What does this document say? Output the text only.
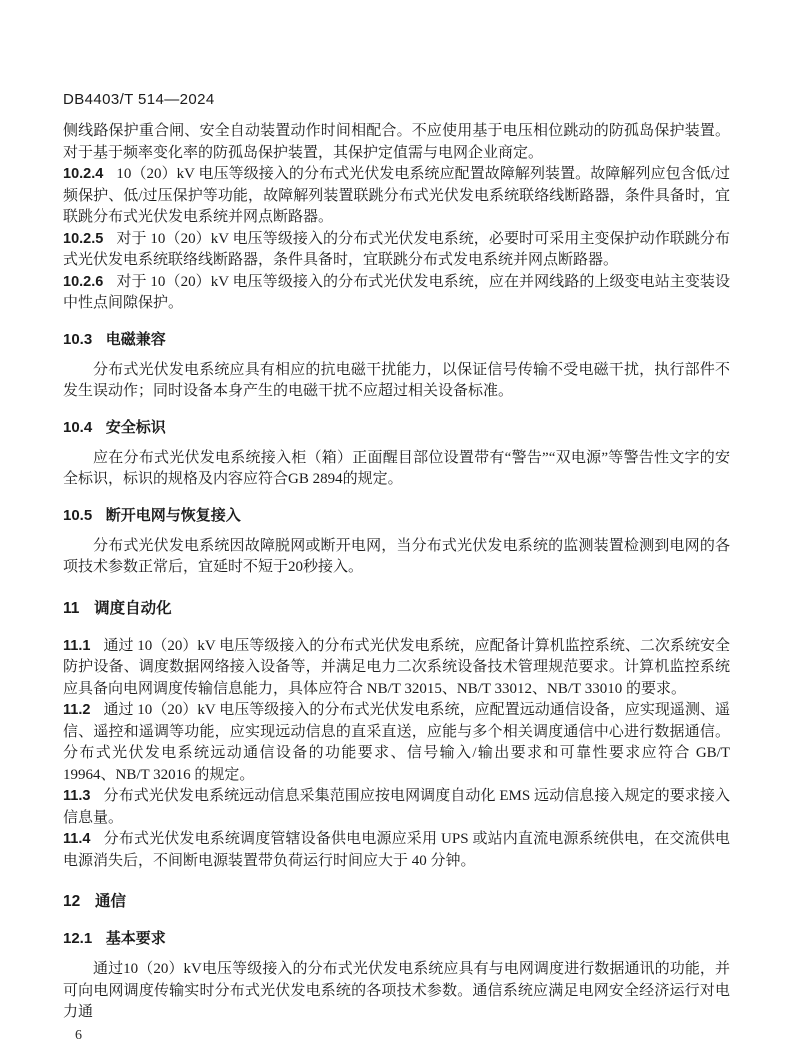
DB4403/T 514—2024

侧线路保护重合闸、安全自动装置动作时间相配合。不应使用基于电压相位跳动的防孤岛保护装置。对于基于频率变化率的防孤岛保护装置，其保护定值需与电网企业商定。

10.2.4 10（20）kV 电压等级接入的分布式光伏发电系统应配置故障解列装置。故障解列应包含低/过频保护、低/过压保护等功能，故障解列装置联跳分布式光伏发电系统联络线断路器，条件具备时，宜联跳分布式光伏发电系统并网点断路器。

10.2.5 对于 10（20）kV 电压等级接入的分布式光伏发电系统，必要时可采用主变保护动作联跳分布式光伏发电系统联络线断路器，条件具备时，宜联跳分布式发电系统并网点断路器。

10.2.6 对于 10（20）kV 电压等级接入的分布式光伏发电系统，应在并网线路的上级变电站主变装设中性点间隙保护。

10.3 电磁兼容

分布式光伏发电系统应具有相应的抗电磁干扰能力，以保证信号传输不受电磁干扰，执行部件不发生误动作；同时设备本身产生的电磁干扰不应超过相关设备标准。

10.4 安全标识

应在分布式光伏发电系统接入柜（箱）正面醒目部位设置带有“警告”“双电源”等警告性文字的安全标识，标识的规格及内容应符合GB 2894的规定。

10.5 断开电网与恢复接入

分布式光伏发电系统因故障脱网或断开电网，当分布式光伏发电系统的监测装置检测到电网的各项技术参数正常后，宜延时不短于20秒接入。

11 调度自动化

11.1 通过 10（20）kV 电压等级接入的分布式光伏发电系统，应配备计算机监控系统、二次系统安全防护设备、调度数据网络接入设备等，并满足电力二次系统设备技术管理规范要求。计算机监控系统应具备向电网调度传输信息能力，具体应符合 NB/T 32015、NB/T 33012、NB/T 33010 的要求。

11.2 通过 10（20）kV 电压等级接入的分布式光伏发电系统，应配置远动通信设备，应实现遥测、遥信、遥控和遥调等功能，应实现远动信息的直采直送，应能与多个相关调度通信中心进行数据通信。分布式光伏发电系统远动通信设备的功能要求、信号输入/输出要求和可靠性要求应符合 GB/T 19964、NB/T 32016 的规定。

11.3 分布式光伏发电系统远动信息采集范围应按电网调度自动化 EMS 远动信息接入规定的要求接入信息量。

11.4 分布式光伏发电系统调度管辖设备供电电源应采用 UPS 或站内直流电源系统供电，在交流供电电源消失后，不间断电源装置带负荷运行时间应大于 40 分钟。

12 通信
12.1 基本要求

通过10（20）kV电压等级接入的分布式光伏发电系统应具有与电网调度进行数据通讯的功能，并可向电网调度传输实时分布式光伏发电系统的各项技术参数。通信系统应满足电网安全经济运行对电力通

6
